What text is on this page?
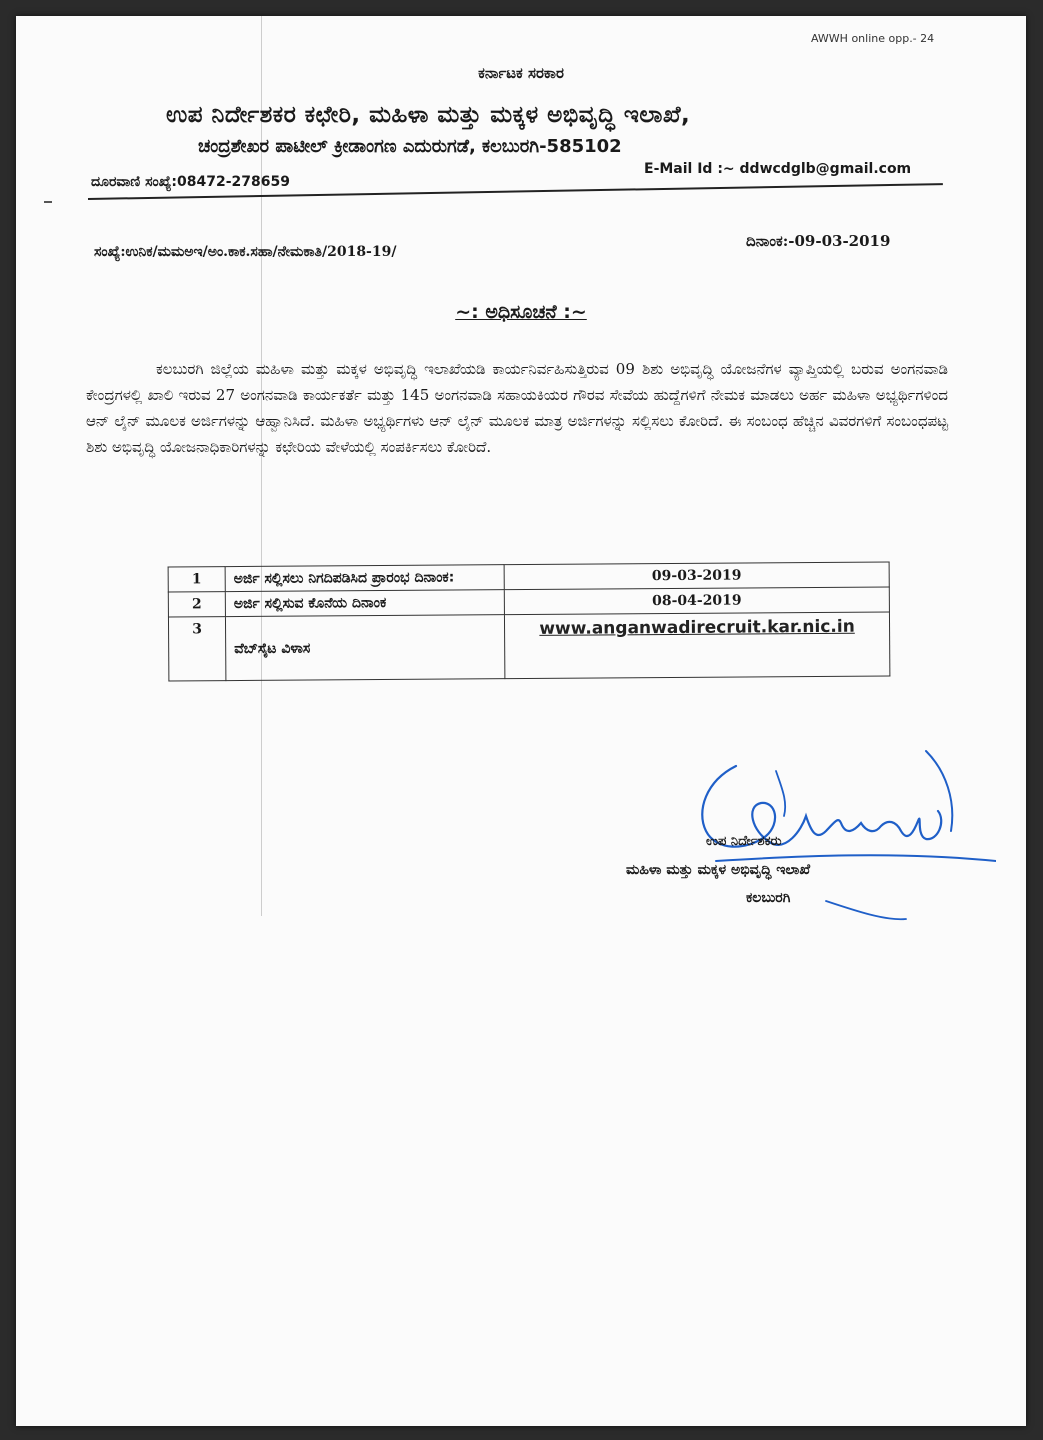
AWWH online opp.- 24
ಕರ್ನಾಟಕ ಸರಕಾರ
ಉಪ ನಿರ್ದೇಶಕರ ಕಛೇರಿ, ಮಹಿಳಾ ಮತ್ತು ಮಕ್ಕಳ ಅಭಿವೃದ್ಧಿ ಇಲಾಖೆ,
ಚಂದ್ರಶೇಖರ ಪಾಟೀಲ್ ಕ್ರೀಡಾಂಗಣ ಎದುರುಗಡೆ, ಕಲಬುರಗಿ-585102
ದೂರವಾಣಿ ಸಂಖ್ಯೆ:08472-278659
E-Mail Id :~ ddwcdglb@gmail.com
ಸಂಖ್ಯೆ:ಉನಿಕ/ಮಮಅಇ/ಅಂ.ಕಾಕ.ಸಹಾ/ನೇಮಕಾತಿ/2018-19/
ದಿನಾಂಕ:-09-03-2019
~: ಅಧಿಸೂಚನೆ :~
ಕಲಬುರಗಿ ಜಿಲ್ಲೆಯ ಮಹಿಳಾ ಮತ್ತು ಮಕ್ಕಳ ಅಭಿವೃದ್ಧಿ ಇಲಾಖೆಯಡಿ ಕಾರ್ಯನಿರ್ವಹಿಸುತ್ತಿರುವ 09 ಶಿಶು ಅಭಿವೃದ್ಧಿ ಯೋಜನೆಗಳ ವ್ಯಾಪ್ತಿಯಲ್ಲಿ ಬರುವ ಅಂಗನವಾಡಿ ಕೇಂದ್ರಗಳಲ್ಲಿ ಖಾಲಿ ಇರುವ 27 ಅಂಗನವಾಡಿ ಕಾರ್ಯಕರ್ತೆ ಮತ್ತು 145 ಅಂಗನವಾಡಿ ಸಹಾಯಕಿಯರ ಗೌರವ ಸೇವೆಯ ಹುದ್ದೆಗಳಿಗೆ ನೇಮಕ ಮಾಡಲು ಅರ್ಹ ಮಹಿಳಾ ಅಭ್ಯರ್ಥಿಗಳಿಂದ ಆನ್ ಲೈನ್ ಮೂಲಕ ಅರ್ಜಿಗಳನ್ನು ಆಹ್ವಾನಿಸಿದೆ. ಮಹಿಳಾ ಅಭ್ಯರ್ಥಿಗಳು ಆನ್ ಲೈನ್ ಮೂಲಕ ಮಾತ್ರ ಅರ್ಜಿಗಳನ್ನು ಸಲ್ಲಿಸಲು ಕೋರಿದೆ. ಈ ಸಂಬಂಧ ಹೆಚ್ಚಿನ ವಿವರಗಳಿಗೆ ಸಂಬಂಧಪಟ್ಟ ಶಿಶು ಅಭಿವೃದ್ಧಿ ಯೋಜನಾಧಿಕಾರಿಗಳನ್ನು ಕಛೇರಿಯ ವೇಳೆಯಲ್ಲಿ ಸಂಪರ್ಕಿಸಲು ಕೋರಿದೆ.
1	ಅರ್ಜಿ ಸಲ್ಲಿಸಲು ನಿಗದಿಪಡಿಸಿದ ಪ್ರಾರಂಭ ದಿನಾಂಕ:	09-03-2019
2	ಅರ್ಜಿ ಸಲ್ಲಿಸುವ ಕೊನೆಯ ದಿನಾಂಕ	08-04-2019
3	ವೆಬ್‌ಸೈಟ ವಿಳಾಸ	www.anganwadirecruit.kar.nic.in
ಉಪ ನಿರ್ದೇಶಕರು
ಮಹಿಳಾ ಮತ್ತು ಮಕ್ಕಳ ಅಭಿವೃದ್ಧಿ ಇಲಾಖೆ
ಕಲಬುರಗಿ
